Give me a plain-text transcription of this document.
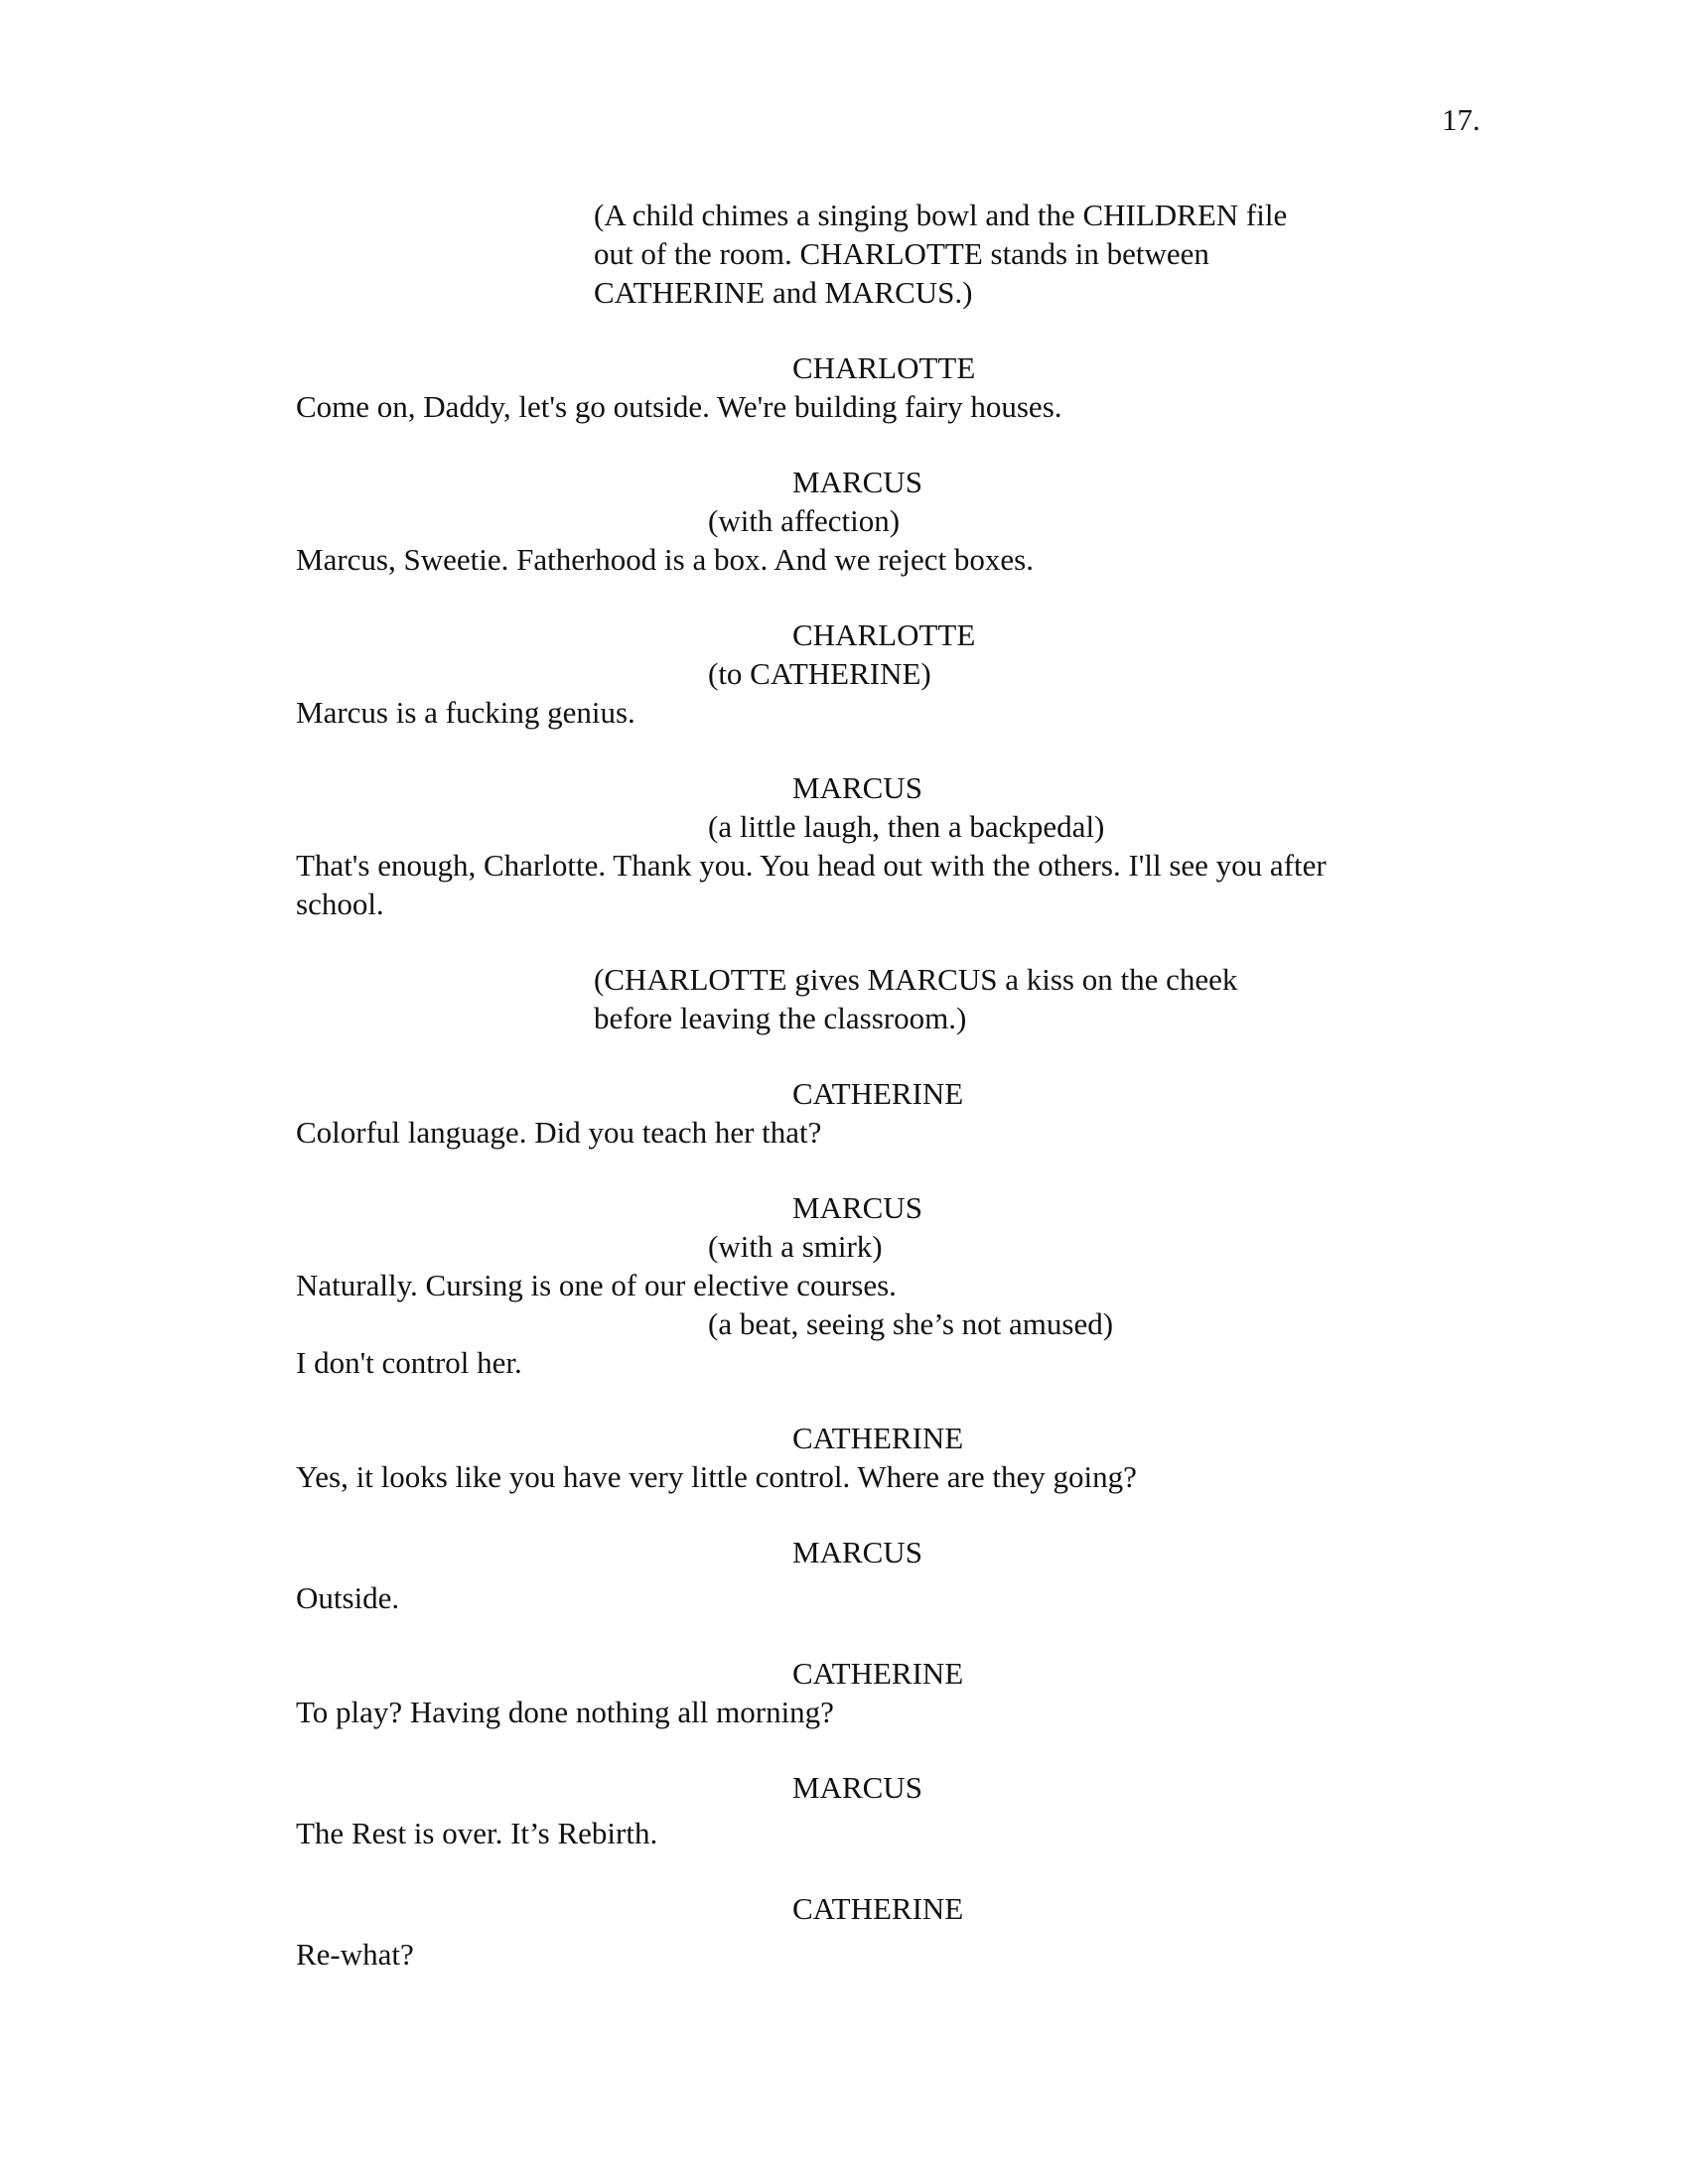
17.

(A child chimes a singing bowl and the CHILDREN file out of the room. CHARLOTTE stands in between CATHERINE and MARCUS.)

CHARLOTTE
Come on, Daddy, let's go outside. We're building fairy houses.
MARCUS
(with affection)
Marcus, Sweetie. Fatherhood is a box. And we reject boxes.
CHARLOTTE
(to CATHERINE)
Marcus is a fucking genius.
MARCUS
(a little laugh, then a backpedal)
That's enough, Charlotte. Thank you. You head out with the others. I'll see you after school.

(CHARLOTTE gives MARCUS a kiss on the cheek before leaving the classroom.)

CATHERINE
Colorful language. Did you teach her that?
MARCUS
(with a smirk)
Naturally. Cursing is one of our elective courses.
(a beat, seeing she’s not amused)
I don't control her.
CATHERINE
Yes, it looks like you have very little control. Where are they going?
MARCUS
Outside.
CATHERINE
To play? Having done nothing all morning?
MARCUS
The Rest is over. It’s Rebirth.
CATHERINE
Re-what?
